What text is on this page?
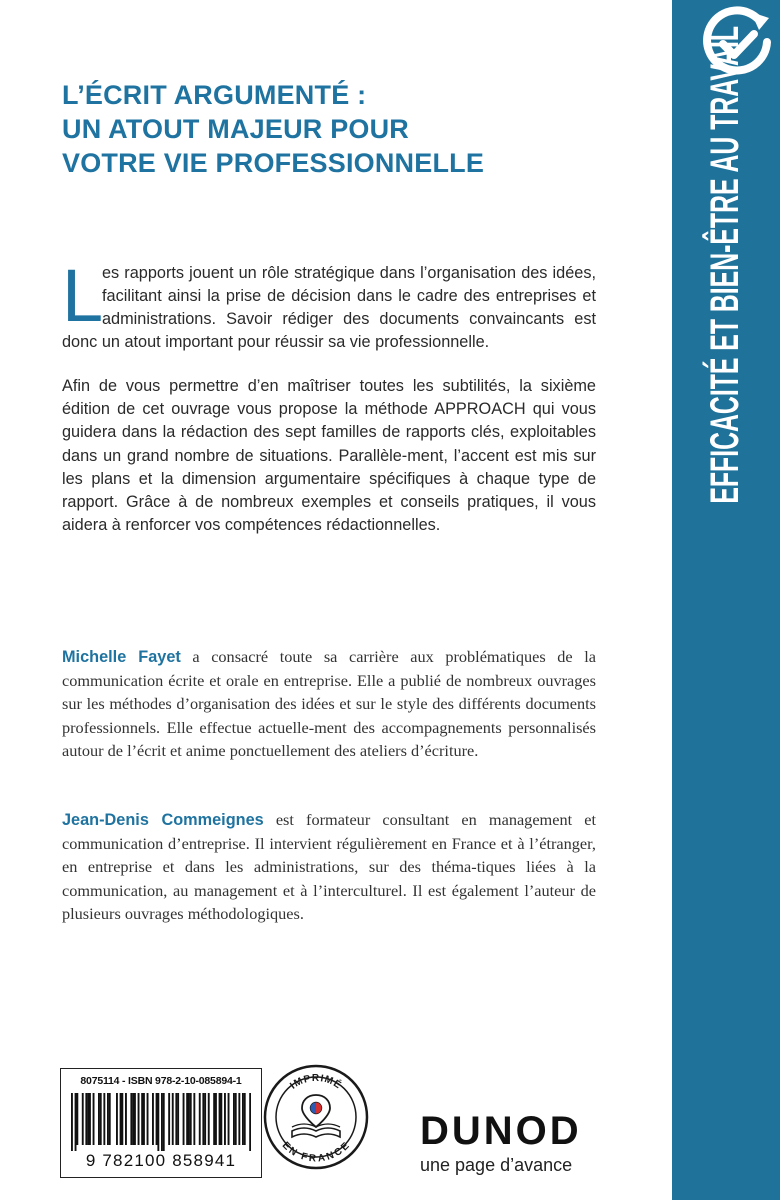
EFFICACITÉ ET BIEN-ÊTRE AU TRAVAIL
L’ÉCRIT ARGUMENTÉ :
UN ATOUT MAJEUR POUR
VOTRE VIE PROFESSIONNELLE
L

es rapports jouent un rôle stratégique dans l’organisation des idées, facilitant ainsi la prise de décision dans le cadre des entreprises et administrations. Savoir rédiger des documents convaincants est donc un atout important pour réussir sa vie professionnelle.

Afin de vous permettre d’en maîtriser toutes les subtilités, la sixième édition de cet ouvrage vous propose la méthode APPROACH qui vous guidera dans la rédaction des sept familles de rapports clés, exploitables dans un grand nombre de situations. Parallèle-ment, l’accent est mis sur les plans et la dimension argumentaire spécifiques à chaque type de rapport. Grâce à de nombreux exemples et conseils pratiques, il vous aidera à renforcer vos compétences rédactionnelles.
Michelle Fayet a consacré toute sa carrière aux problématiques de la communication écrite et orale en entreprise. Elle a publié de nombreux ouvrages sur les méthodes d’organisation des idées et sur le style des différents documents professionnels. Elle effectue actuelle-ment des accompagnements personnalisés autour de l’écrit et anime ponctuellement des ateliers d’écriture.
Jean-Denis Commeignes est formateur consultant en management et communication d’entreprise. Il intervient régulièrement en France et à l’étranger, en entreprise et dans les administrations, sur des théma-tiques liées à la communication, au management et à l’interculturel. Il est également l’auteur de plusieurs ouvrages méthodologiques.
8075114 - ISBN 978-2-10-085894-1
9 782100 858941
IMPRIMÉ
EN FRANCE DUNOD
une page d’avance
